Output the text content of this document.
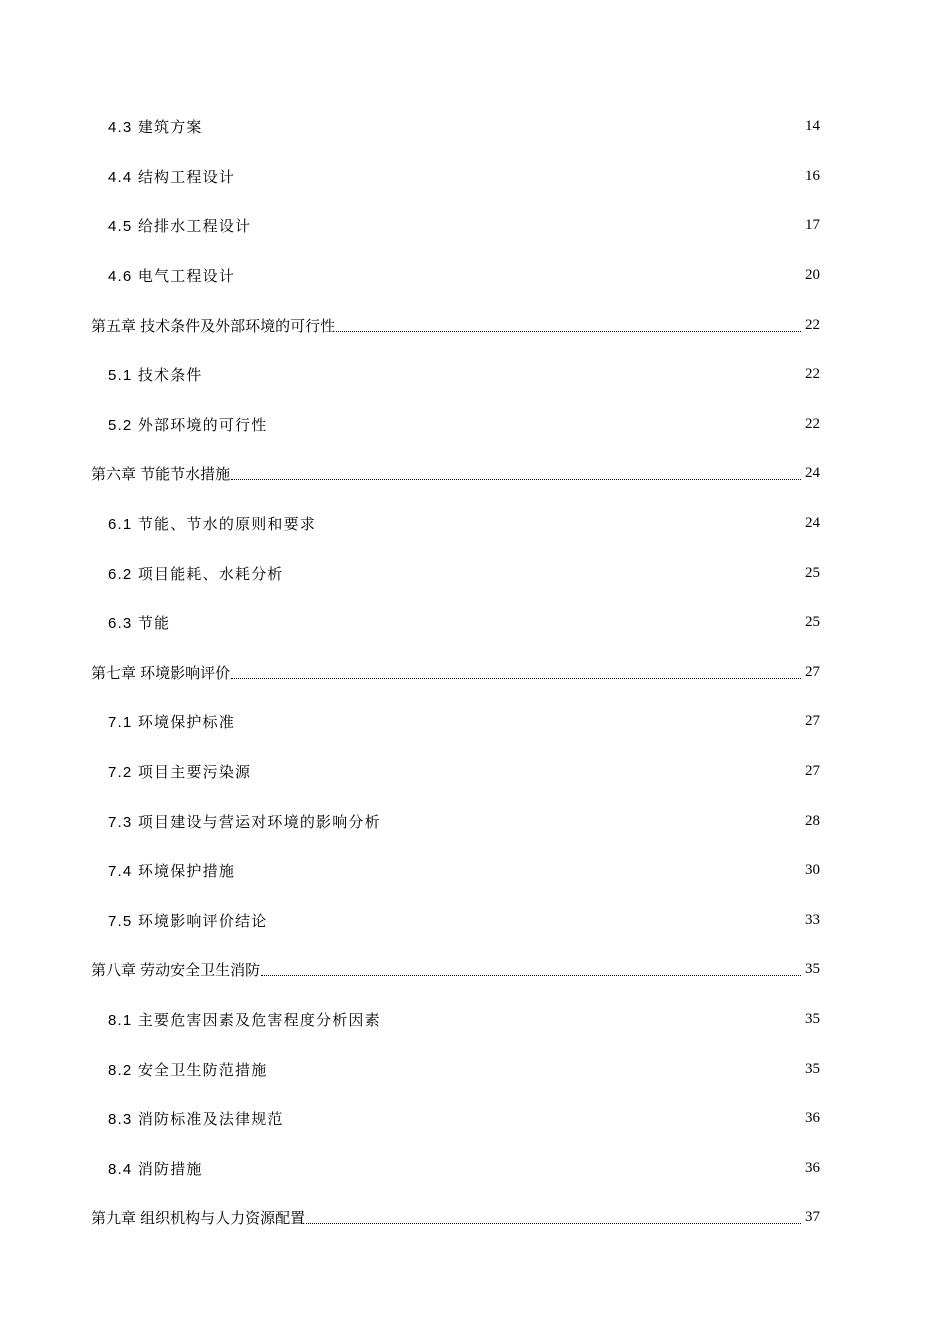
4.3 建筑方案	14
4.4 结构工程设计	16
4.5 给排水工程设计	17
4.6 电气工程设计	20
第五章 技术条件及外部环境的可行性	22
5.1 技术条件	22
5.2 外部环境的可行性	22
第六章 节能节水措施	24
6.1 节能、节水的原则和要求	24
6.2 项目能耗、水耗分析	25
6.3 节能	25
第七章 环境影响评价	27
7.1 环境保护标准	27
7.2 项目主要污染源	27
7.3 项目建设与营运对环境的影响分析	28
7.4 环境保护措施	30
7.5 环境影响评价结论	33
第八章 劳动安全卫生消防	35
8.1 主要危害因素及危害程度分析因素	35
8.2 安全卫生防范措施	35
8.3 消防标准及法律规范	36
8.4 消防措施	36
第九章 组织机构与人力资源配置	37
